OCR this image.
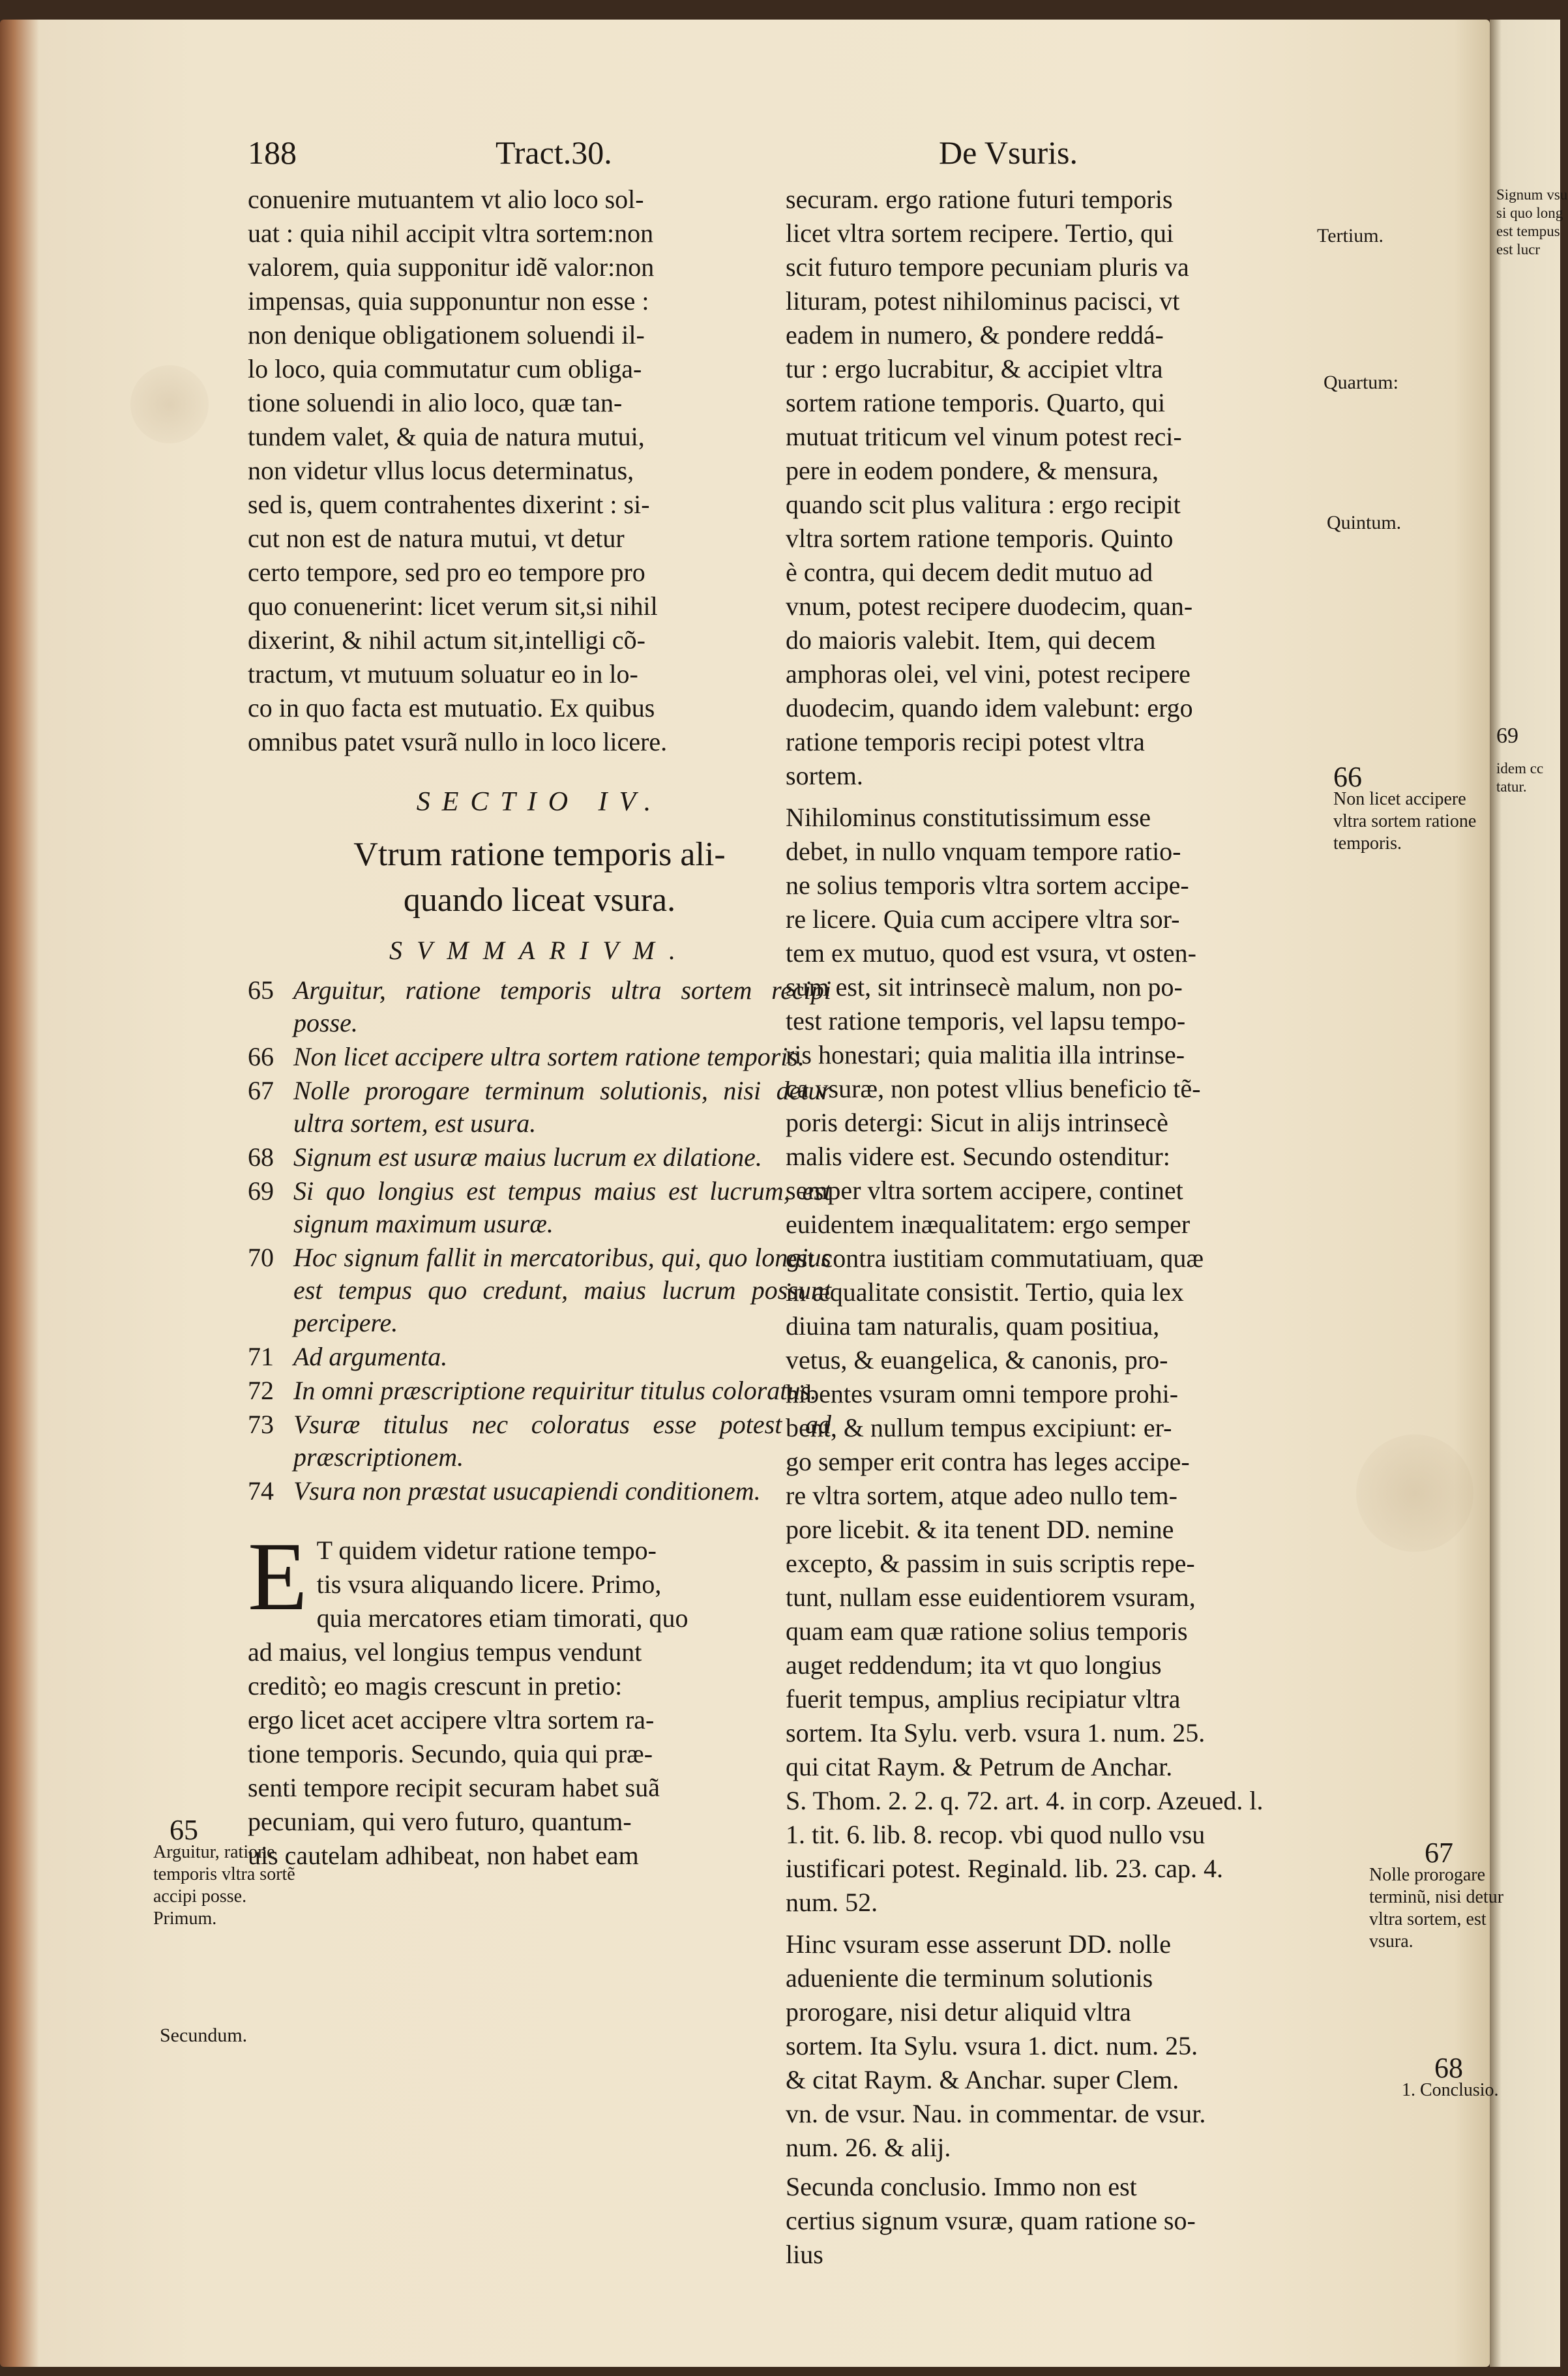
Signum vsu si quo long est tempus est lucr
69
idem cc tatur.
188	Tract.30.	De Vsuris.
conuenire mutuantem vt alio loco sol-
uat : quia nihil accipit vltra sortem:non
valorem, quia supponitur idẽ valor:non
impensas, quia supponuntur non esse :
non denique obligationem soluendi il-
lo loco, quia commutatur cum obliga-
tione soluendi in alio loco, quæ tan-
tundem valet, & quia de natura mutui,
non videtur vllus locus determinatus,
sed is, quem contrahentes dixerint : si-
cut non est de natura mutui, vt detur
certo tempore, sed pro eo tempore pro
quo conuenerint: licet verum sit,si nihil
dixerint, & nihil actum sit,intelligi cõ-
tractum, vt mutuum soluatur eo in lo-
co in quo facta est mutuatio. Ex quibus
omnibus patet vsurã nullo in loco licere.
SECTIO IV.
Vtrum ratione temporis ali-
quando liceat vsura.
SVMMARIVM.
65 Arguitur, ratione temporis ultra sortem recipi posse.
66 Non licet accipere ultra sortem ratione temporis.
67 Nolle prorogare terminum solutionis, nisi detur ultra sortem, est usura.
68 Signum est usuræ maius lucrum ex dilatione.
69 Si quo longius est tempus maius est lucrum, est signum maximum usuræ.
70 Hoc signum fallit in mercatoribus, qui, quo longius est tempus quo credunt, maius lucrum possunt percipere.
71 Ad argumenta.
72 In omni præscriptione requiritur titulus coloratus.
73 Vsuræ titulus nec coloratus esse potest ad præscriptionem.
74 Vsura non præstat usucapiendi conditionem.
E T quidem videtur ratione tempo-
tis vsura aliquando licere. Primo,
quia mercatores etiam timorati, quo
ad maius, vel longius tempus vendunt
creditò; eo magis crescunt in pretio:
ergo licet acet accipere vltra sortem ra-
tione temporis. Secundo, quia qui præ-
senti tempore recipit securam habet suã
pecuniam, qui vero futuro, quantum-
uis cautelam adhibeat, non habet eam
securam. ergo ratione futuri temporis
licet vltra sortem recipere. Tertio, qui
scit futuro tempore pecuniam pluris va
lituram, potest nihilominus pacisci, vt
eadem in numero, & pondere reddá-
tur : ergo lucrabitur, & accipiet vltra
sortem ratione temporis. Quarto, qui
mutuat triticum vel vinum potest reci-
pere in eodem pondere, & mensura,
quando scit plus valitura : ergo recipit
vltra sortem ratione temporis. Quinto
è contra, qui decem dedit mutuo ad
vnum, potest recipere duodecim, quan-
do maioris valebit. Item, qui decem
amphoras olei, vel vini, potest recipere
duodecim, quando idem valebunt: ergo
ratione temporis recipi potest vltra
sortem.
Nihilominus constitutissimum esse
debet, in nullo vnquam tempore ratio-
ne solius temporis vltra sortem accipe-
re licere. Quia cum accipere vltra sor-
tem ex mutuo, quod est vsura, vt osten-
sum est, sit intrinsecè malum, non po-
test ratione temporis, vel lapsu tempo-
ris honestari; quia malitia illa intrinse-
ca vsuræ, non potest vllius beneficio tẽ-
poris detergi: Sicut in alijs intrinsecè
malis videre est. Secundo ostenditur:
semper vltra sortem accipere, continet
euidentem inæqualitatem: ergo semper
est contra iustitiam commutatiuam, quæ
in æqualitate consistit. Tertio, quia lex
diuina tam naturalis, quam positiua,
vetus, & euangelica, & canonis, pro-
hibentes vsuram omni tempore prohi-
bent, & nullum tempus excipiunt: er-
go semper erit contra has leges accipe-
re vltra sortem, atque adeo nullo tem-
pore licebit. & ita tenent DD. nemine
excepto, & passim in suis scriptis repe-
tunt, nullam esse euidentiorem vsuram,
quam eam quæ ratione solius temporis
auget reddendum; ita vt quo longius
fuerit tempus, amplius recipiatur vltra
sortem. Ita Sylu. verb. vsura 1. num. 25.
qui citat Raym. & Petrum de Anchar.
S. Thom. 2. 2. q. 72. art. 4. in corp. Azeued. l.
1. tit. 6. lib. 8. recop. vbi quod nullo vsu
iustificari potest. Reginald. lib. 23. cap. 4.
num. 52.
Hinc vsuram esse asserunt DD. nolle
adueniente die terminum solutionis
prorogare, nisi detur aliquid vltra
sortem. Ita Sylu. vsura 1. dict. num. 25.
& citat Raym. & Anchar. super Clem.
vn. de vsur. Nau. in commentar. de vsur.
num. 26. & alij.
Secunda conclusio. Immo non est
certius signum vsuræ, quam ratione so-
lius
Tertium.
Quartum:
Quintum.
66
Non licet accipere vltra sortem ratione temporis.
65
Arguitur, ratione temporis vltra sortẽ accipi posse. Primum.
Secundum.
67
Nolle prorogare terminũ, nisi detur vltra sortem, est vsura.
68
1. Conclusio.
